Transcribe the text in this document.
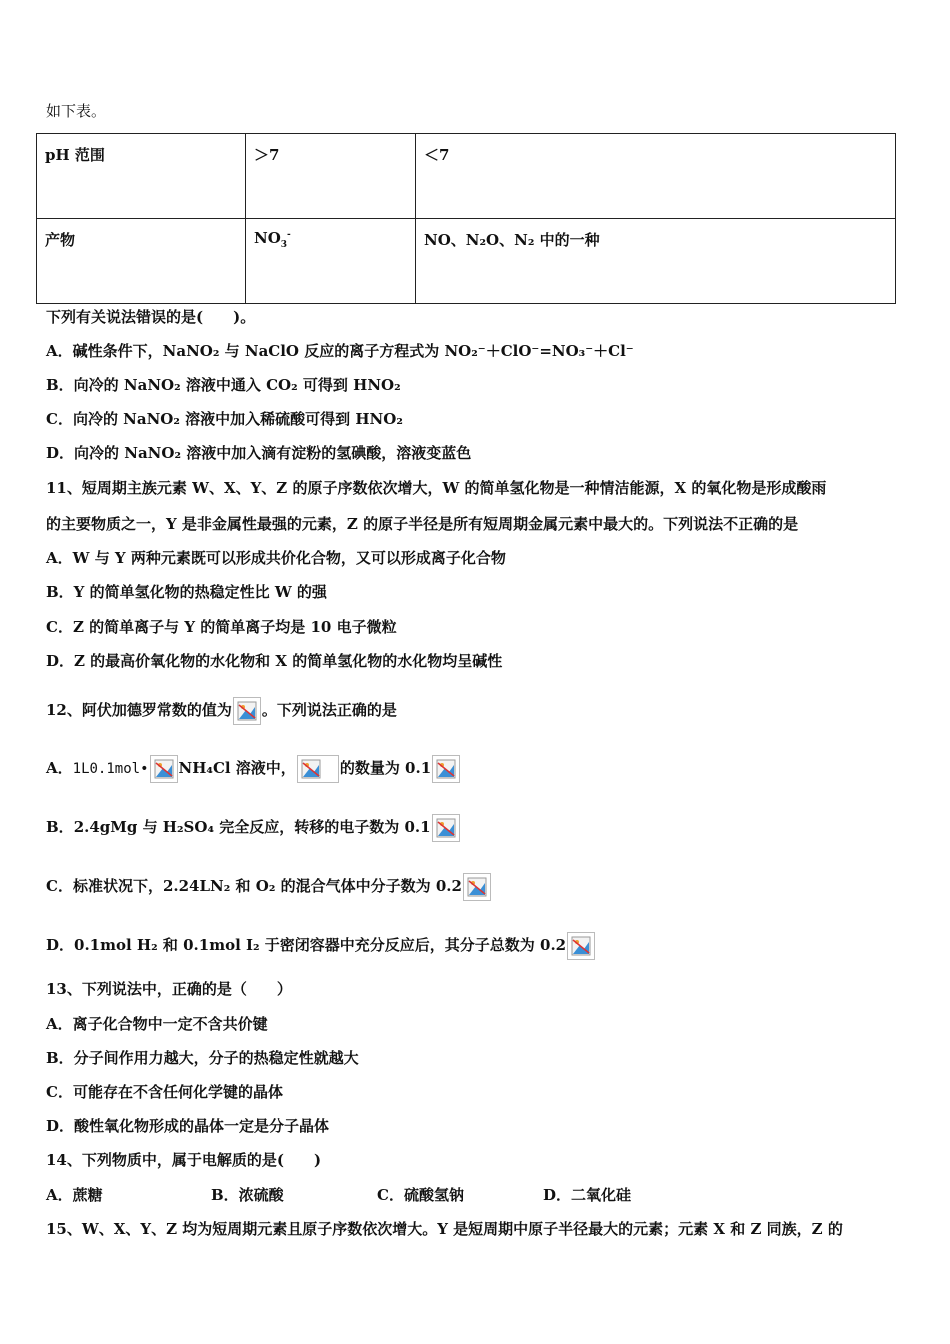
如下表。
pH 范围	＞7	＜7
产物	$NO_3^-$	NO、N₂O、N₂ 中的一种
下列有关说法错误的是(　　)。
A．碱性条件下，NaNO₂ 与 NaClO 反应的离子方程式为 NO₂⁻＋ClO⁻=NO₃⁻＋Cl⁻
B．向冷的 NaNO₂ 溶液中通入 CO₂ 可得到 HNO₂
C．向冷的 NaNO₂ 溶液中加入稀硫酸可得到 HNO₂
D．向冷的 NaNO₂ 溶液中加入滴有淀粉的氢碘酸，溶液变蓝色
11、短周期主族元素 W、X、Y、Z 的原子序数依次增大，W 的简单氢化物是一种情洁能源，X 的氧化物是形成酸雨
的主要物质之一，Y 是非金属性最强的元素，Z 的原子半径是所有短周期金属元素中最大的。下列说法不正确的是
A．W 与 Y 两种元素既可以形成共价化合物，又可以形成离子化合物
B．Y 的简单氢化物的热稳定性比 W 的强
C．Z 的简单离子与 Y 的简单离子均是 10 电子微粒
D．Z 的最高价氧化物的水化物和 X 的简单氢化物的水化物均呈碱性
12、阿伏加德罗常数的值为 。下列说法正确的是
A．1L0.1mol• NH₄Cl 溶液中，	的数量为 0.1
B．2.4gMg 与 H₂SO₄ 完全反应，转移的电子数为 0.1
C．标准状况下，2.24LN₂ 和 O₂ 的混合气体中分子数为 0.2
D．0.1mol H₂ 和 0.1mol I₂ 于密闭容器中充分反应后，其分子总数为 0.2
13、下列说法中，正确的是（　　）
A．离子化合物中一定不含共价键
B．分子间作用力越大，分子的热稳定性就越大
C．可能存在不含任何化学键的晶体
D．酸性氧化物形成的晶体一定是分子晶体
14、下列物质中，属于电解质的是(　　)
A．蔗糖	B．浓硫酸	C．硫酸氢钠	D．二氧化硅
15、W、X、Y、Z 均为短周期元素且原子序数依次增大。Y 是短周期中原子半径最大的元素；元素 X 和 Z 同族，Z 的
